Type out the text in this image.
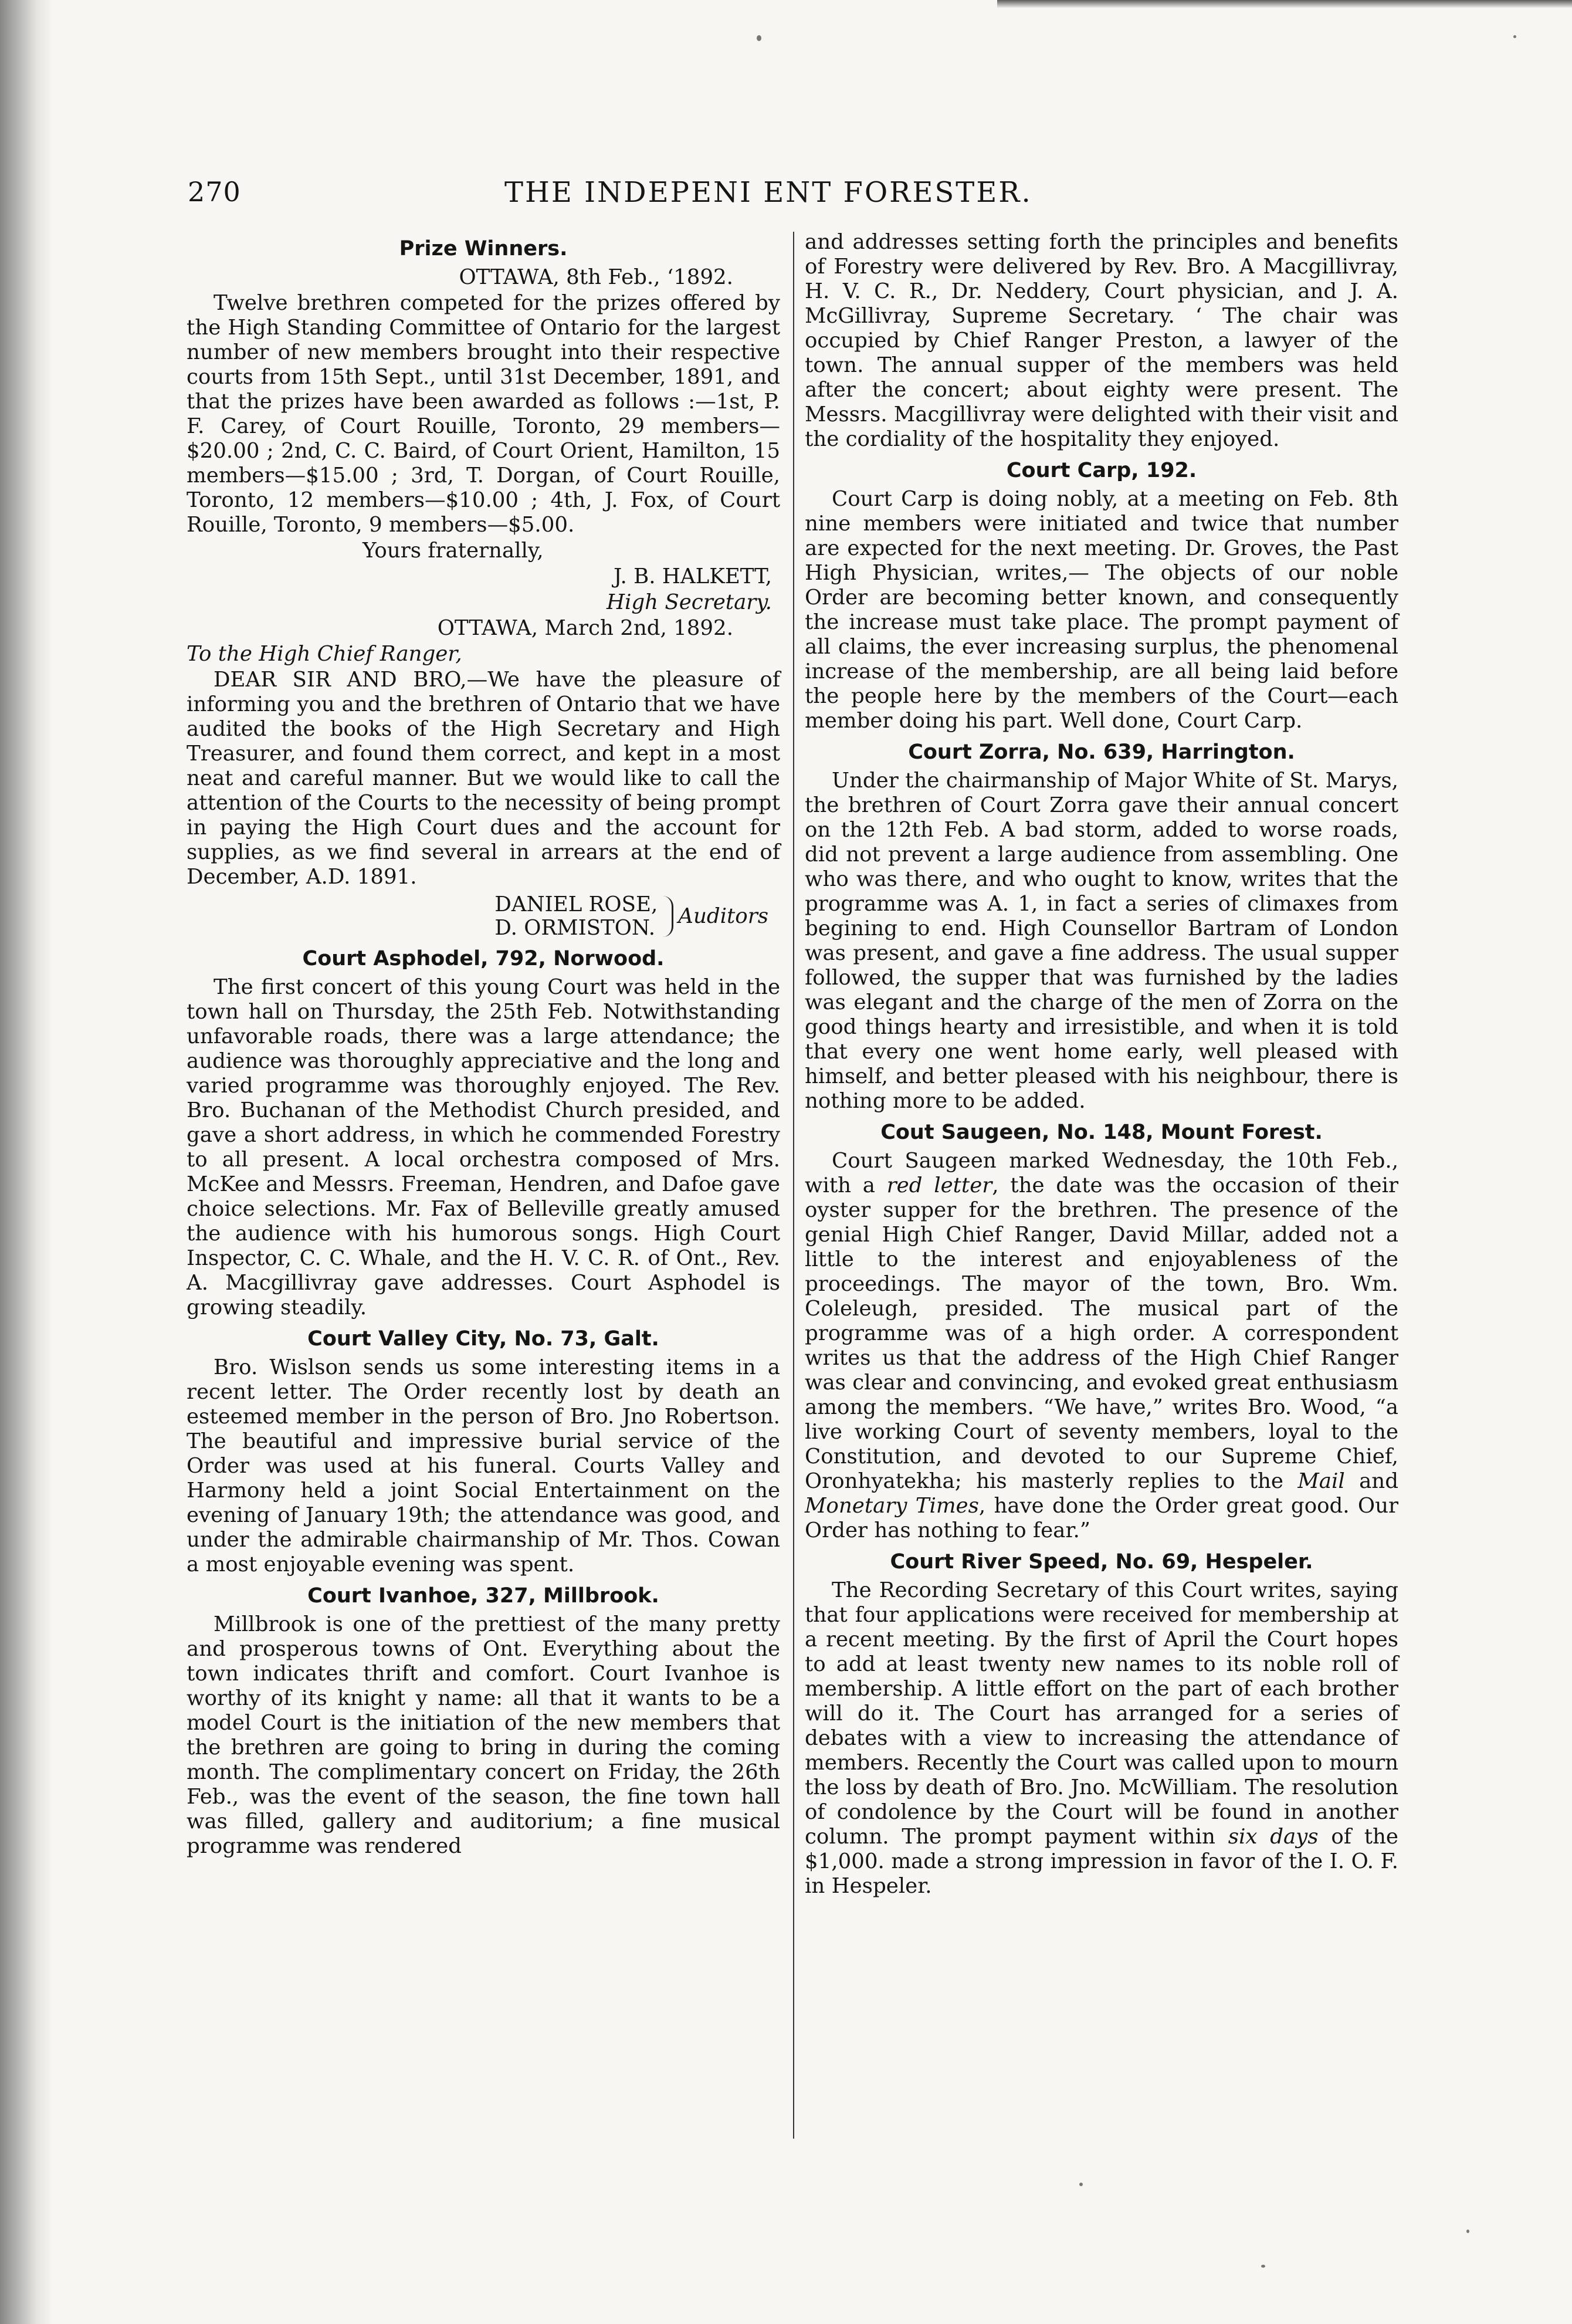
270	THE INDEPENІ ENT FORESTER.
Prize Winners.

OTTAWA, 8th Feb., ‘1892.

Twelve brethren competed for the prizes offered by the High Standing Committee of Ontario for the largest number of new members brought into their respective courts from 15th Sept., until 31st December, 1891, and that the prizes have been awarded as follows :—1st, P. F. Carey, of Court Rouille, Toronto, 29 members—$20.00 ; 2nd, C. C. Baird, of Court Orient, Hamilton, 15 members—$15.00 ; 3rd, T. Dorgan, of Court Rouille, Toronto, 12 members—$10.00 ; 4th, J. Fox, of Court Rouille, Toronto, 9 members—$5.00.

Yours fraternally,

J. B. HALKETT,

High Secretary.

OTTAWA, March 2nd, 1892.

To the High Chief Ranger,

DEAR SIR AND BRO,—We have the pleasure of informing you and the brethren of Ontario that we have audited the books of the High Secretary and High Treasurer, and found them correct, and kept in a most neat and careful manner. But we would like to call the attention of the Courts to the necessity of being prompt in paying the High Court dues and the account for supplies, as we find several in arrears at the end of December, A.D. 1891.

DANIEL ROSE,
D. ORMISTON. Auditors
Court Asphodel, 792, Norwood.

The first concert of this young Court was held in the town hall on Thursday, the 25th Feb. Notwithstanding unfavorable roads, there was a large attendance; the audience was thoroughly appreciative and the long and varied programme was thoroughly enjoyed. The Rev. Bro. Buchanan of the Methodist Church presided, and gave a short address, in which he commended Forestry to all present. A local orchestra composed of Mrs. McKee and Messrs. Freeman, Hendren, and Dafoe gave choice selections. Mr. Fax of Belleville greatly amused the audience with his humorous songs. High Court Inspector, C. C. Whale, and the H. V. C. R. of Ont., Rev. A. Macgillivray gave addresses. Court Asphodel is growing steadily.

Court Valley City, No. 73, Galt.

Bro. Wislson sends us some interesting items in a recent letter. The Order recently lost by death an esteemed member in the person of Bro. Jno Robertson. The beautiful and impressive burial service of the Order was used at his funeral. Courts Valley and Harmony held a joint Social Entertainment on the evening of January 19th; the attendance was good, and under the admirable chairmanship of Mr. Thos. Cowan a most enjoyable evening was spent.

Court Ivanhoe, 327, Millbrook.

Millbrook is one of the prettiest of the many pretty and prosperous towns of Ont. Everything about the town indicates thrift and comfort. Court Ivanhoe is worthy of its knight y name: all that it wants to be a model Court is the initiation of the new members that the brethren are going to bring in during the coming month. The complimentary concert on Friday, the 26th Feb., was the event of the season, the fine town hall was filled, gallery and auditorium; a fine musical programme was rendered

and addresses setting forth the principles and benefits of Forestry were delivered by Rev. Bro. A Macgillivray, H. V. C. R., Dr. Neddery, Court physician, and J. A. McGillivray, Supreme Secretary. ‘ The chair was occupied by Chief Ranger Preston, a lawyer of the town. The annual supper of the members was held after the concert; about eighty were present. The Messrs. Macgillivray were delighted with their visit and the cordiality of the hospitality they enjoyed.

Court Carp, 192.

Court Carp is doing nobly, at a meeting on Feb. 8th nine members were initiated and twice that number are expected for the next meeting. Dr. Groves, the Past High Physician, writes,— The objects of our noble Order are becoming better known, and consequently the increase must take place. The prompt payment of all claims, the ever increasing surplus, the phenomenal increase of the membership, are all being laid before the people here by the members of the Court—each member doing his part. Well done, Court Carp.

Court Zorra, No. 639, Harrington.

Under the chairmanship of Major White of St. Marys, the brethren of Court Zorra gave their annual concert on the 12th Feb. A bad storm, added to worse roads, did not prevent a large audience from assembling. One who was there, and who ought to know, writes that the programme was A. 1, in fact a series of climaxes from begining to end. High Counsellor Bartram of London was present, and gave a fine address. The usual supper followed, the supper that was furnished by the ladies was elegant and the charge of the men of Zorra on the good things hearty and irresistible, and when it is told that every one went home early, well pleased with himself, and better pleased with his neighbour, there is nothing more to be added.

Cout Saugeen, No. 148, Mount Forest.

Court Saugeen marked Wednesday, the 10th Feb., with a red letter, the date was the occasion of their oyster supper for the brethren. The presence of the genial High Chief Ranger, David Millar, added not a little to the interest and enjoyableness of the proceedings. The mayor of the town, Bro. Wm. Coleleugh, presided. The musical part of the programme was of a high order. A correspondent writes us that the address of the High Chief Ranger was clear and convincing, and evoked great enthusiasm among the members. “We have,” writes Bro. Wood, “a live working Court of seventy members, loyal to the Constitution, and devoted to our Supreme Chief, Oronhyatekha; his masterly replies to the Mail and Monetary Times, have done the Order great good. Our Order has nothing to fear.”

Court River Speed, No. 69, Hespeler.

The Recording Secretary of this Court writes, saying that four applications were received for membership at a recent meeting. By the first of April the Court hopes to add at least twenty new names to its noble roll of membership. A little effort on the part of each brother will do it. The Court has arranged for a series of debates with a view to increasing the attendance of members. Recently the Court was called upon to mourn the loss by death of Bro. Jno. McWilliam. The resolution of condolence by the Court will be found in another column. The prompt payment within six days of the $1,000. made a strong impression in favor of the I. O. F. in Hespeler.
